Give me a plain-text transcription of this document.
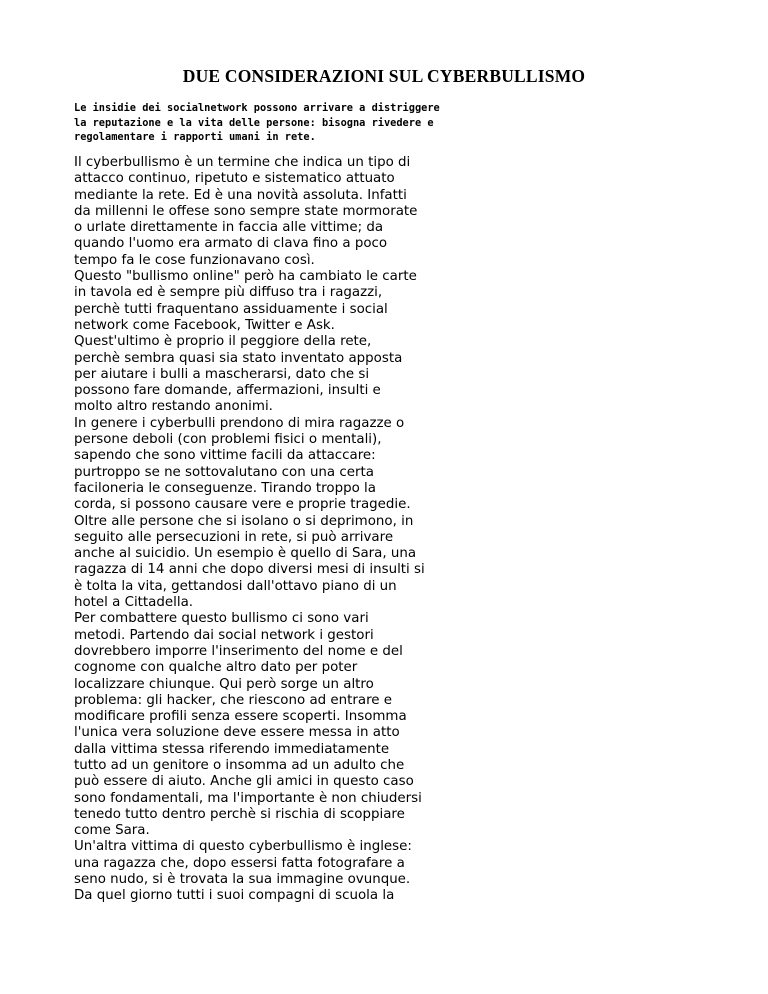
DUE CONSIDERAZIONI SUL CYBERBULLISMO
Le insidie dei socialnetwork possono arrivare a distriggere
la reputazione e la vita delle persone: bisogna rivedere e
regolamentare i rapporti umani in rete.
Il cyberbullismo è un termine che indica un tipo di
attacco continuo, ripetuto e sistematico attuato
mediante la rete. Ed è una novità assoluta. Infatti
da millenni le offese sono sempre state mormorate
o urlate direttamente in faccia alle vittime; da
quando l'uomo era armato di clava fino a poco
tempo fa le cose funzionavano così.
Questo "bullismo online" però ha cambiato le carte
in tavola ed è sempre più diffuso tra i ragazzi,
perchè tutti fraquentano assiduamente i social
network come Facebook, Twitter e Ask.
Quest'ultimo è proprio il peggiore della rete,
perchè sembra quasi sia stato inventato apposta
per aiutare i bulli a mascherarsi, dato che si
possono fare domande, affermazioni, insulti e
molto altro restando anonimi.
In genere i cyberbulli prendono di mira ragazze o
persone deboli (con problemi fisici o mentali),
sapendo che sono vittime facili da attaccare:
purtroppo se ne sottovalutano con una certa
faciloneria le conseguenze. Tirando troppo la
corda, si possono causare vere e proprie tragedie.
Oltre alle persone che si isolano o si deprimono, in
seguito alle persecuzioni in rete, si può arrivare
anche al suicidio. Un esempio è quello di Sara, una
ragazza di 14 anni che dopo diversi mesi di insulti si
è tolta la vita, gettandosi dall'ottavo piano di un
hotel a Cittadella.
Per combattere questo bullismo ci sono vari
metodi. Partendo dai social network i gestori
dovrebbero imporre l'inserimento del nome e del
cognome con qualche altro dato per poter
localizzare chiunque. Qui però sorge un altro
problema: gli hacker, che riescono ad entrare e
modificare profili senza essere scoperti. Insomma
l'unica vera soluzione deve essere messa in atto
dalla vittima stessa riferendo immediatamente
tutto ad un genitore o insomma ad un adulto che
può essere di aiuto. Anche gli amici in questo caso
sono fondamentali, ma l'importante è non chiudersi
tenedo tutto dentro perchè si rischia di scoppiare
come Sara.
Un'altra vittima di questo cyberbullismo è inglese:
una ragazza che, dopo essersi fatta fotografare a
seno nudo, si è trovata la sua immagine ovunque.
Da quel giorno tutti i suoi compagni di scuola la
